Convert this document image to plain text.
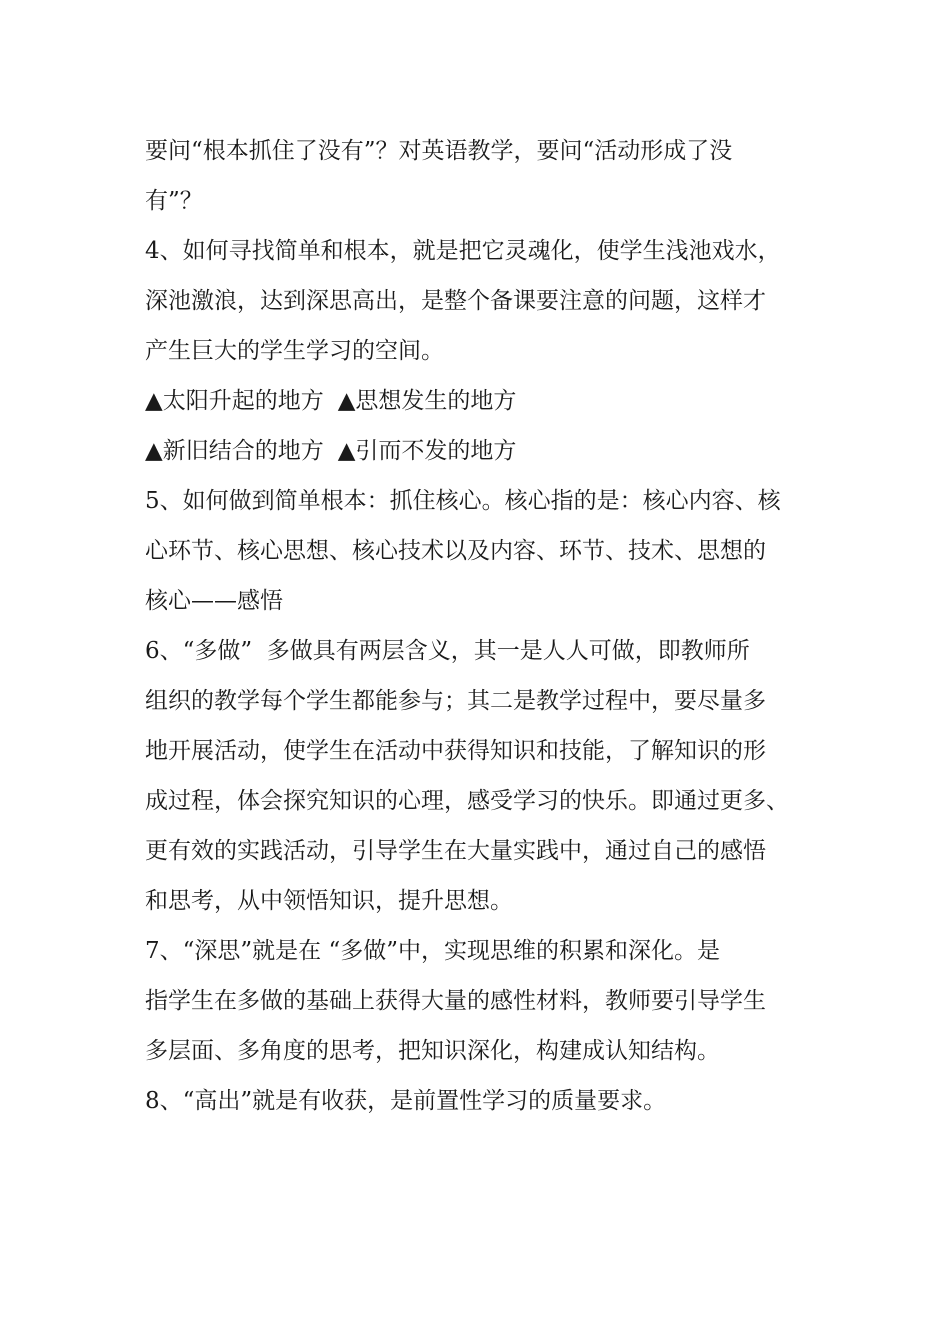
要问“根本抓住了没有”？对英语教学，要问“活动形成了没
有”？
4、如何寻找简单和根本，就是把它灵魂化，使学生浅池戏水，
深池激浪，达到深思高出，是整个备课要注意的问题，这样才
产生巨大的学生学习的空间。
▲太阳升起的地方 ▲思想发生的地方
▲新旧结合的地方 ▲引而不发的地方
5、如何做到简单根本：抓住核心。核心指的是：核心内容、核
心环节、核心思想、核心技术以及内容、环节、技术、思想的
核心——感悟
6、“多做”  多做具有两层含义，其一是人人可做，即教师所
组织的教学每个学生都能参与；其二是教学过程中，要尽量多
地开展活动，使学生在活动中获得知识和技能，了解知识的形
成过程，体会探究知识的心理，感受学习的快乐。即通过更多、
更有效的实践活动，引导学生在大量实践中，通过自己的感悟
和思考，从中领悟知识，提升思想。
7、“深思”就是在 “多做”中，实现思维的积累和深化。是
指学生在多做的基础上获得大量的感性材料，教师要引导学生
多层面、多角度的思考，把知识深化，构建成认知结构。
8、“高出”就是有收获，是前置性学习的质量要求。
